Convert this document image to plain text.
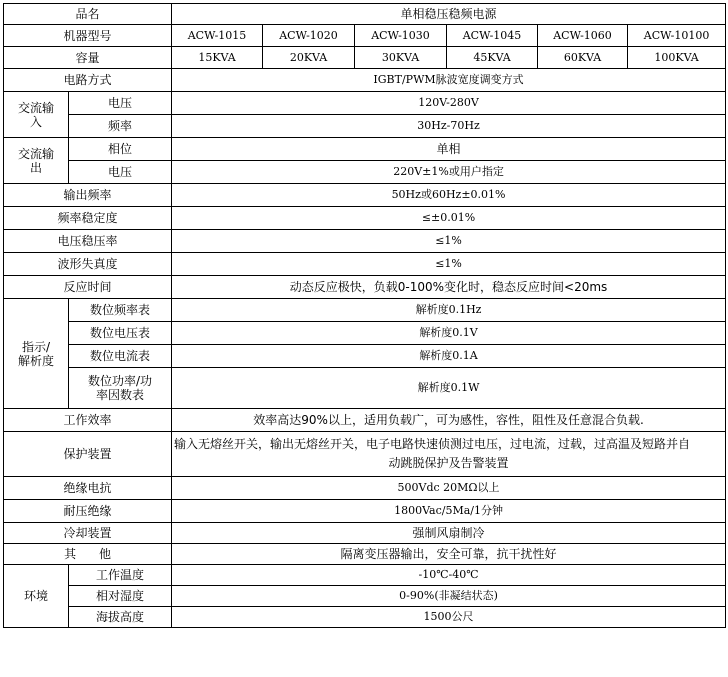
品名		单相稳压稳频电源					
机器型号		ACW-1015	ACW-1020	ACW-1030	ACW-1045	ACW-1060	ACW-10100
容量		15KVA	20KVA	30KVA	45KVA	60KVA	100KVA
电路方式		IGBT/PWM脉波宽度调变方式					
交流输
入	电压	120V-280V					
	频率	30Hz-70Hz					
交流输
出	相位	单相					
	电压	220V±1%或用户指定					
输出频率		50Hz或60Hz±0.01%					
频率稳定度		≤±0.01%					
电压稳压率		≤1%					
波形失真度		≤1%					
反应时间		动态反应极快，负载0-100%变化时，稳态反应时间<20ms					
指示/
解析度	数位频率表	解析度0.1Hz					
	数位电压表	解析度0.1V					
	数位电流表	解析度0.1A					
	数位功率/功
率因数表	解析度0.1W					
工作效率		效率高达90%以上，适用负载广，可为感性，容性，阻性及任意混合负载.					
保护装置		输入无熔丝开关，输出无熔丝开关，电子电路快速侦测过电压，过电流，过载，过高温及短路并自
动跳脱保护及告警装置					

绝缘电抗		500Vdc 20MΩ以上					
耐压绝缘		1800Vac/5Ma/1分钟					
冷却装置		强制风扇制冷					
其      他		隔离变压器输出，安全可靠，抗干扰性好					
环境	工作温度	-10℃-40℃					
	相对湿度	0-90%(非凝结状态)					
	海拔高度	1500公尺					
